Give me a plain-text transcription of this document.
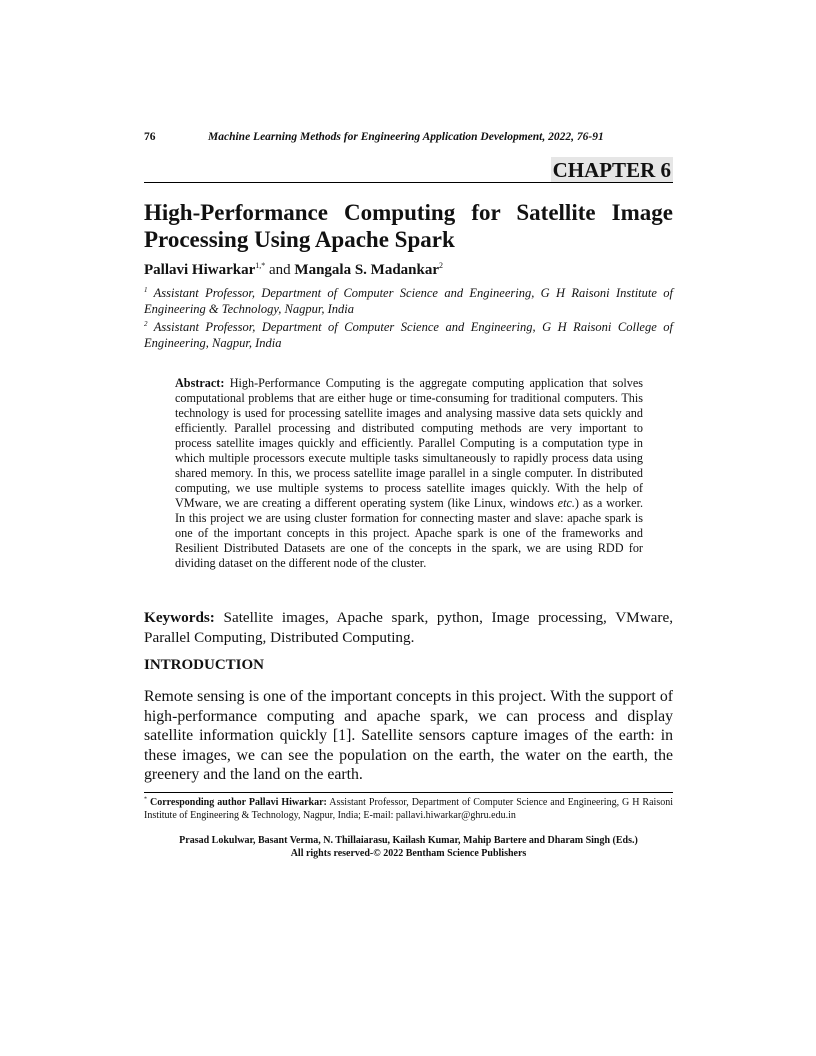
76	Machine Learning Methods for Engineering Application Development, 2022, 76-91
CHAPTER 6
High-Performance Computing for Satellite Image Processing Using Apache Spark
Pallavi Hiwarkar$^{1,*}$ and Mangala S. Madankar$^2$
$^1$ Assistant Professor, Department of Computer Science and Engineering, G H Raisoni Institute of Engineering & Technology, Nagpur, India
$^2$ Assistant Professor, Department of Computer Science and Engineering, G H Raisoni College of Engineering, Nagpur, India
Abstract: High-Performance Computing is the aggregate computing application that solves computational problems that are either huge or time-consuming for traditional computers. This technology is used for processing satellite images and analysing massive data sets quickly and efficiently. Parallel processing and distributed computing methods are very important to process satellite images quickly and efficiently. Parallel Computing is a computation type in which multiple processors execute multiple tasks simultaneously to rapidly process data using shared memory. In this, we process satellite image parallel in a single computer. In distributed computing, we use multiple systems to process satellite images quickly. With the help of VMware, we are creating a different operating system (like Linux, windows etc.) as a worker. In this project we are using cluster formation for connecting master and slave: apache spark is one of the important concepts in this project. Apache spark is one of the frameworks and Resilient Distributed Datasets are one of the concepts in the spark, we are using RDD for dividing dataset on the different node of the cluster.
Keywords: Satellite images, Apache spark, python, Image processing, VMware, Parallel Computing, Distributed Computing.
INTRODUCTION
Remote sensing is one of the important concepts in this project. With the support of high-performance computing and apache spark, we can process and display satellite information quickly [1]. Satellite sensors capture images of the earth: in these images, we can see the population on the earth, the water on the earth, the greenery and the land on the earth.
* Corresponding author Pallavi Hiwarkar: Assistant Professor, Department of Computer Science and Engineering, G H Raisoni Institute of Engineering & Technology, Nagpur, India; E-mail: pallavi.hiwarkar@ghru.edu.in
Prasad Lokulwar, Basant Verma, N. Thillaiarasu, Kailash Kumar, Mahip Bartere and Dharam Singh (Eds.)
All rights reserved-© 2022 Bentham Science Publishers
